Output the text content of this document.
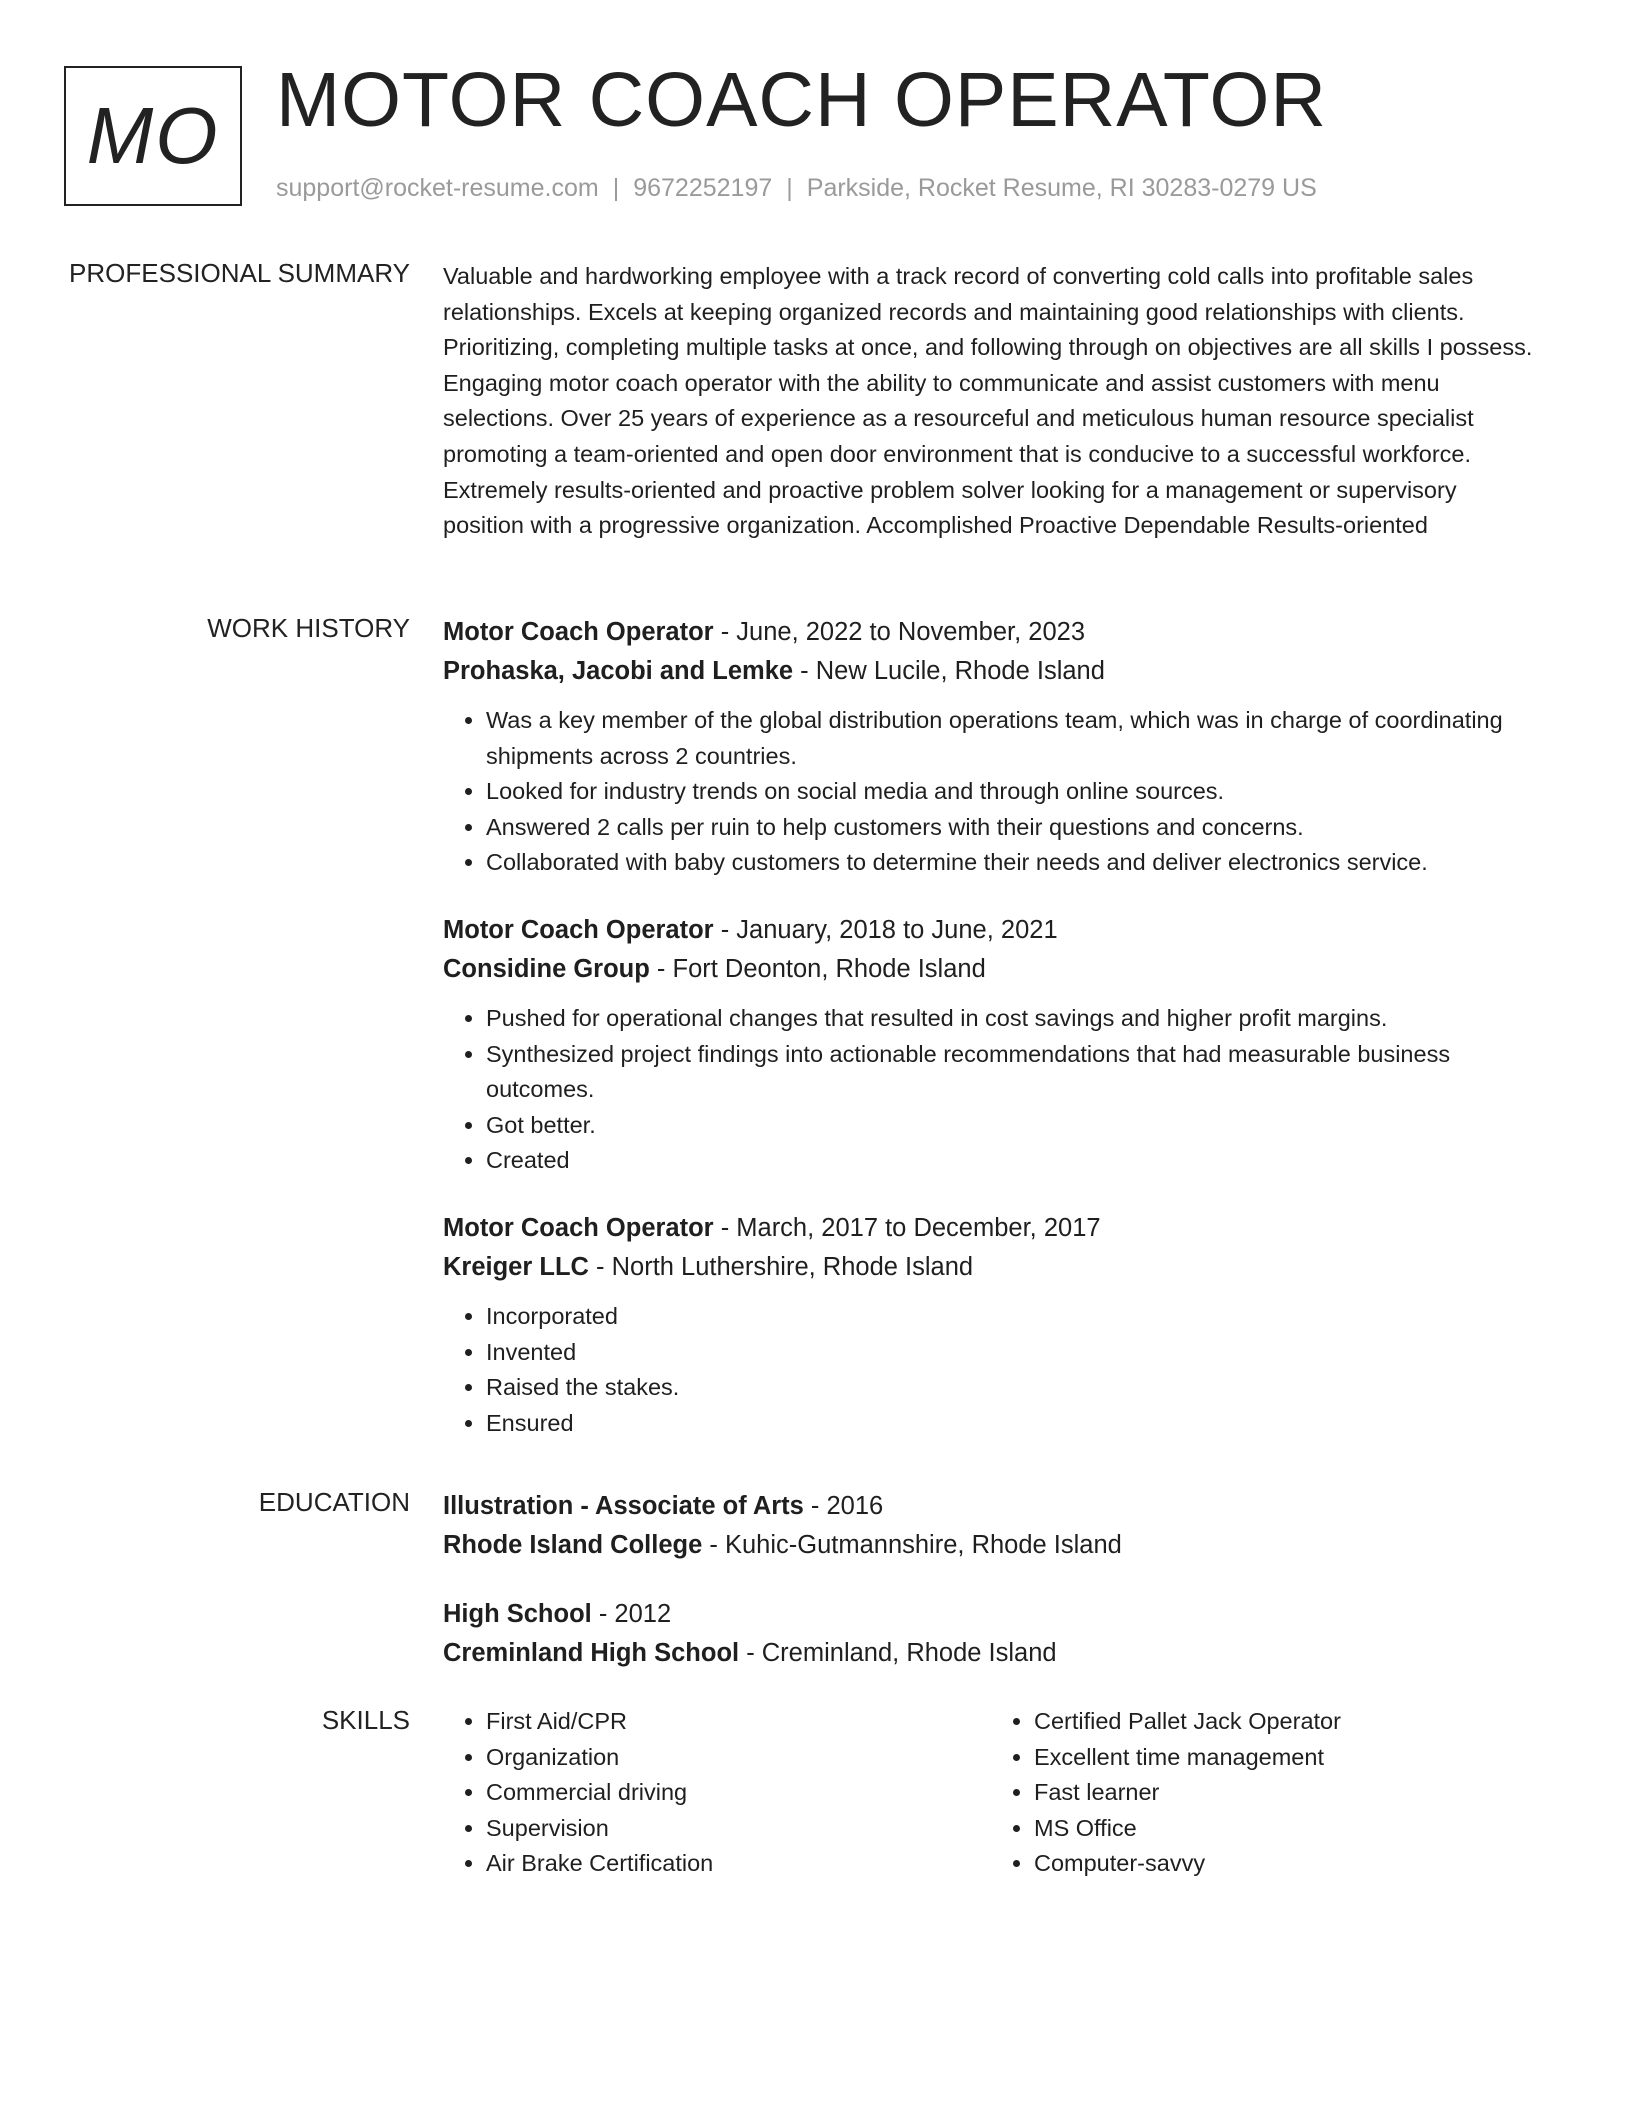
MO MOTOR COACH OPERATOR
support@rocket-resume.com | 9672252197 | Parkside, Rocket Resume, RI 30283-0279 US
PROFESSIONAL SUMMARY Valuable and hardworking employee with a track record of converting cold calls into profitable sales relationships. Excels at keeping organized records and maintaining good relationships with clients. Prioritizing, completing multiple tasks at once, and following through on objectives are all skills I possess. Engaging motor coach operator with the ability to communicate and assist customers with menu selections. Over 25 years of experience as a resourceful and meticulous human resource specialist promoting a team-oriented and open door environment that is conducive to a successful workforce. Extremely results-oriented and proactive problem solver looking for a management or supervisory position with a progressive organization. Accomplished Proactive Dependable Results-oriented

WORK HISTORY Motor Coach Operator - June, 2022 to November, 2023
Prohaska, Jacobi and Lemke - New Lucile, Rhode Island
• Was a key member of the global distribution operations team, which was in charge of coordinating shipments across 2 countries.
• Looked for industry trends on social media and through online sources.
• Answered 2 calls per ruin to help customers with their questions and concerns.
• Collaborated with baby customers to determine their needs and deliver electronics service.
Motor Coach Operator - January, 2018 to June, 2021
Considine Group - Fort Deonton, Rhode Island
• Pushed for operational changes that resulted in cost savings and higher profit margins.
• Synthesized project findings into actionable recommendations that had measurable business outcomes.
• Got better.
• Created
Motor Coach Operator - March, 2017 to December, 2017
Kreiger LLC - North Luthershire, Rhode Island
• Incorporated
• Invented
• Raised the stakes.
• Ensured
EDUCATION Illustration - Associate of Arts - 2016
Rhode Island College - Kuhic-Gutmannshire, Rhode Island
High School - 2012
Creminland High School - Creminland, Rhode Island
SKILLS
•	First Aid/CPR
• Organization
• Commercial driving
• Supervision
• Air Brake Certification
• Certified Pallet Jack Operator
• Excellent time management
• Fast learner
• MS Office
• Computer-savvy
